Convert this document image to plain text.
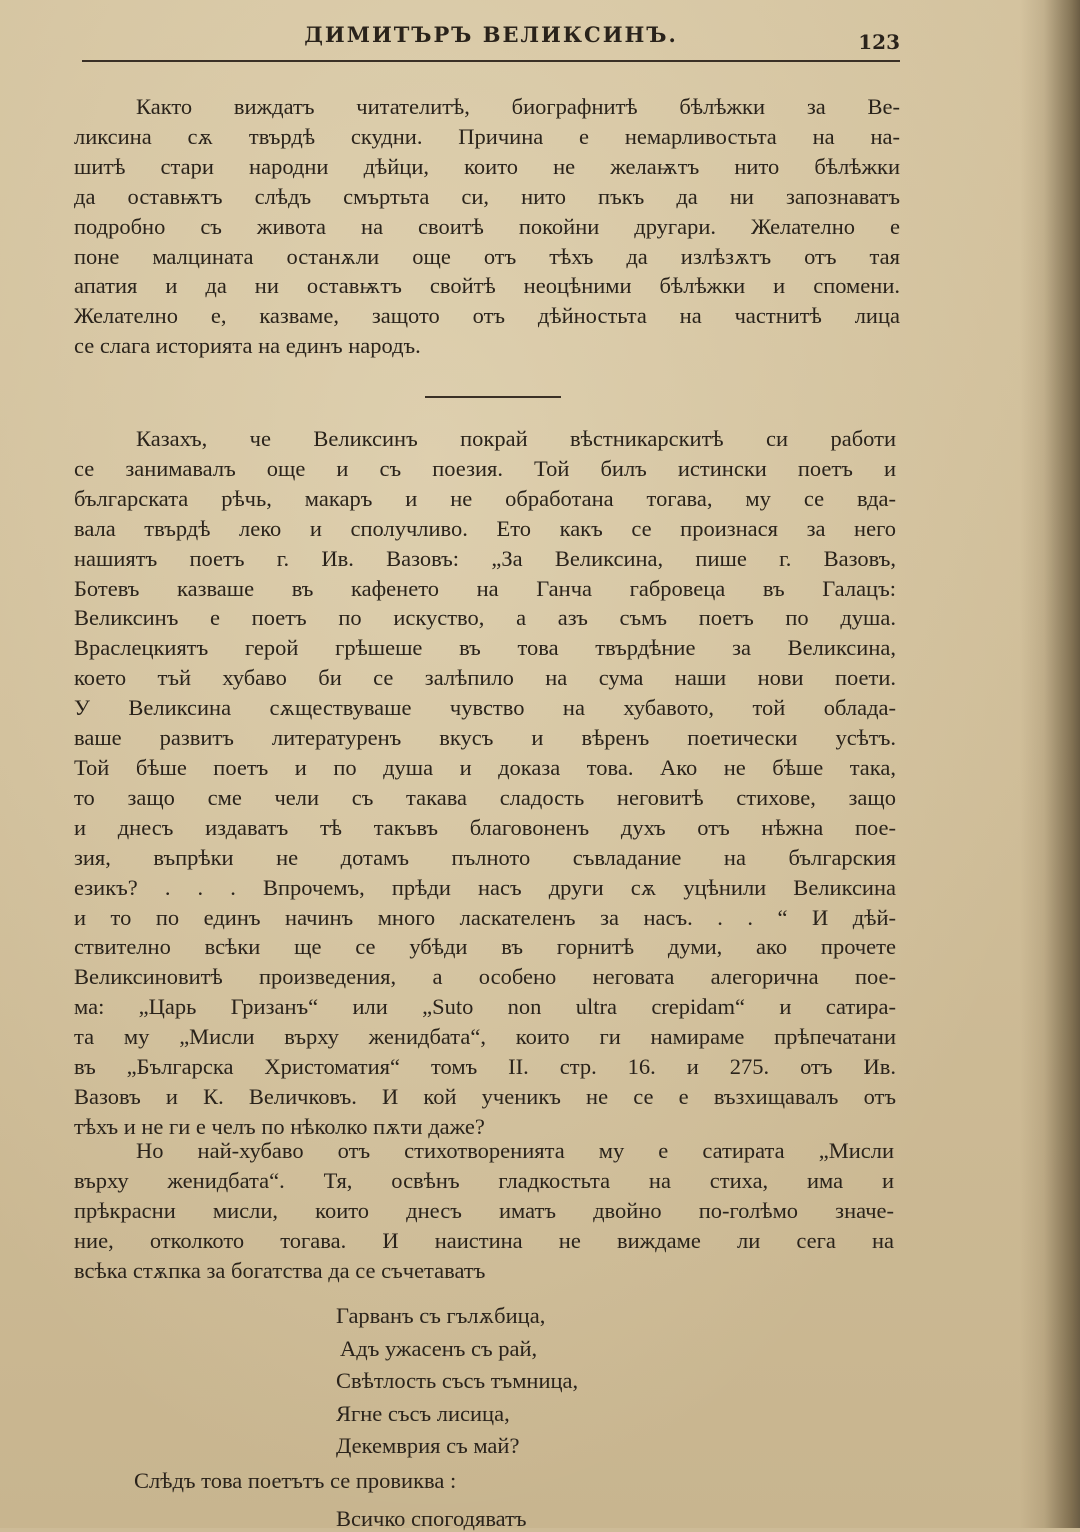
ДИМИТЪРЪ ВЕЛИКСИНЪ.	123
Както виждатъ читателитѣ, биографнитѣ бѣлѣжки за Ве-
ликсина сѫ твърдѣ скудни. Причина е немарливостьта на на-
шитѣ стари народни дѣйци, които не желаѭтъ нито бѣлѣжки
да оставѭтъ слѣдъ смъртьта си, нито пъкъ да ни запознаватъ
подробно съ живота на своитѣ покойни другари. Желателно е
поне малцината останѫли още отъ тѣхъ да излѣзѫтъ отъ тая
апатия и да ни оставѭтъ свойтѣ неоцѣними бѣлѣжки и спомени.
Желателно е, казваме, защото отъ дѣйностьта на частнитѣ лица
се слага историята на единъ народъ.
Казахъ, че Великсинъ покрай вѣстникарскитѣ си работи
се занимавалъ още и съ поезия. Той билъ истински поетъ и
българската рѣчь, макаръ и не обработана тогава, му се вда-
вала твърдѣ леко и сполучливо. Ето какъ се произнася за него
нашиятъ поетъ г. Ив. Вазовъ: „За Великсина, пише г. Вазовъ,
Ботевъ казваше въ кафенето на Ганча габровеца въ Галацъ:
Великсинъ е поетъ по искуство, а азъ съмъ поетъ по душа.
Враслецкиятъ герой грѣшеше въ това твърдѣние за Великсина,
което тъй хубаво би се залѣпило на сума наши нови поети.
У Великсина сѫществуваше чувство на хубавото, той облада-
ваше развитъ литературенъ вкусъ и вѣренъ поетически усѣтъ.
Той бѣше поетъ и по душа и доказа това. Ако не бѣше така,
то защо сме чели съ такава сладость неговитѣ стихове, защо
и днесъ издаватъ тѣ такъвъ благовоненъ духъ отъ нѣжна пое-
зия, въпрѣки не дотамъ пълното съвладание на българския
езикъ? . . . Впрочемъ, прѣди насъ други сѫ уцѣнили Великсина
и то по единъ начинъ много ласкателенъ за насъ. . . “ И дѣй-
ствително всѣки ще се убѣди въ горнитѣ думи, ако прочете
Великсиновитѣ произведения, а особено неговата алегорична пое-
ма: „Царь Гризанъ“ или „Suto non ultra crepidam“ и сатира-
та му „Мисли върху женидбата“, които ги намираме прѣпечатани
въ „Българска Христоматия“ томъ II. стр. 16. и 275. отъ Ив.
Вазовъ и К. Величковъ. И кой ученикъ не се е възхищавалъ отъ
тѣхъ и не ги е челъ по нѣколко пѫти даже?
Но най-хубаво отъ стихотворенията му е сатирата „Мисли
върху женидбата“. Тя, освѣнъ гладкостьта на стиха, има и
прѣкрасни мисли, които днесъ иматъ двойно по-голѣмо значе-
ние, отколкото тогава. И наистина не виждаме ли сега на
всѣка стѫпка за богатства да се съчетаватъ
Гарванъ съ гълѫбица,
Адъ ужасенъ съ рай,
Свѣтлость съсъ тъмница,
Ягне съсъ лисица,
Декемврия съ май?
Слѣдъ това поетътъ се провиква :
Всичко спогодяватъ
